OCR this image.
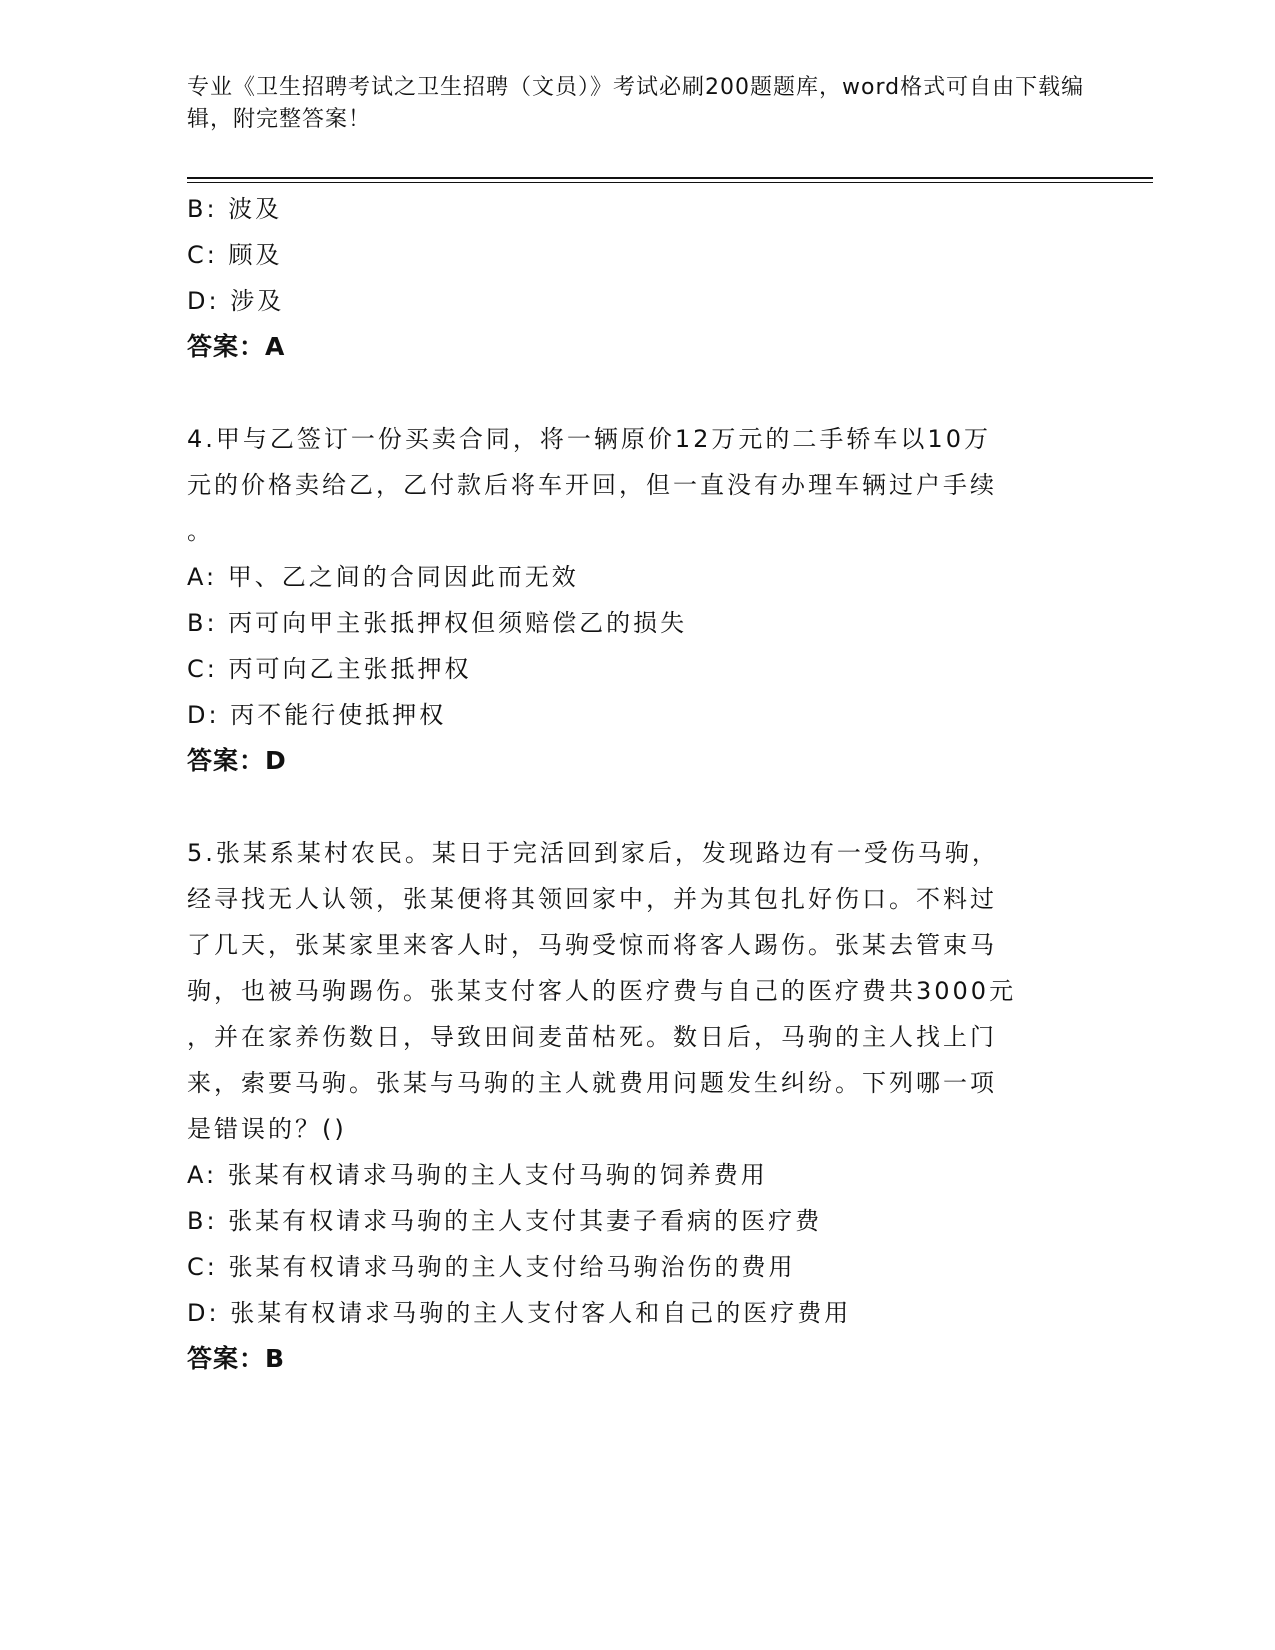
专业《卫生招聘考试之卫生招聘（文员）》考试必刷200题题库，word格式可自由下载编辑，附完整答案！
B: 波及
C: 顾及
D: 涉及
答案：A
4.甲与乙签订一份买卖合同，将一辆原价12万元的二手轿车以10万
元的价格卖给乙，乙付款后将车开回，但一直没有办理车辆过户手续
。
A: 甲、乙之间的合同因此而无效
B: 丙可向甲主张抵押权但须赔偿乙的损失
C: 丙可向乙主张抵押权
D: 丙不能行使抵押权
答案：D
5.张某系某村农民。某日于完活回到家后，发现路边有一受伤马驹，
经寻找无人认领，张某便将其领回家中，并为其包扎好伤口。不料过
了几天，张某家里来客人时，马驹受惊而将客人踢伤。张某去管束马
驹，也被马驹踢伤。张某支付客人的医疗费与自己的医疗费共3000元
，并在家养伤数日，导致田间麦苗枯死。数日后，马驹的主人找上门
来，索要马驹。张某与马驹的主人就费用问题发生纠纷。下列哪一项
是错误的？()
A: 张某有权请求马驹的主人支付马驹的饲养费用
B: 张某有权请求马驹的主人支付其妻子看病的医疗费
C: 张某有权请求马驹的主人支付给马驹治伤的费用
D: 张某有权请求马驹的主人支付客人和自己的医疗费用
答案：B
